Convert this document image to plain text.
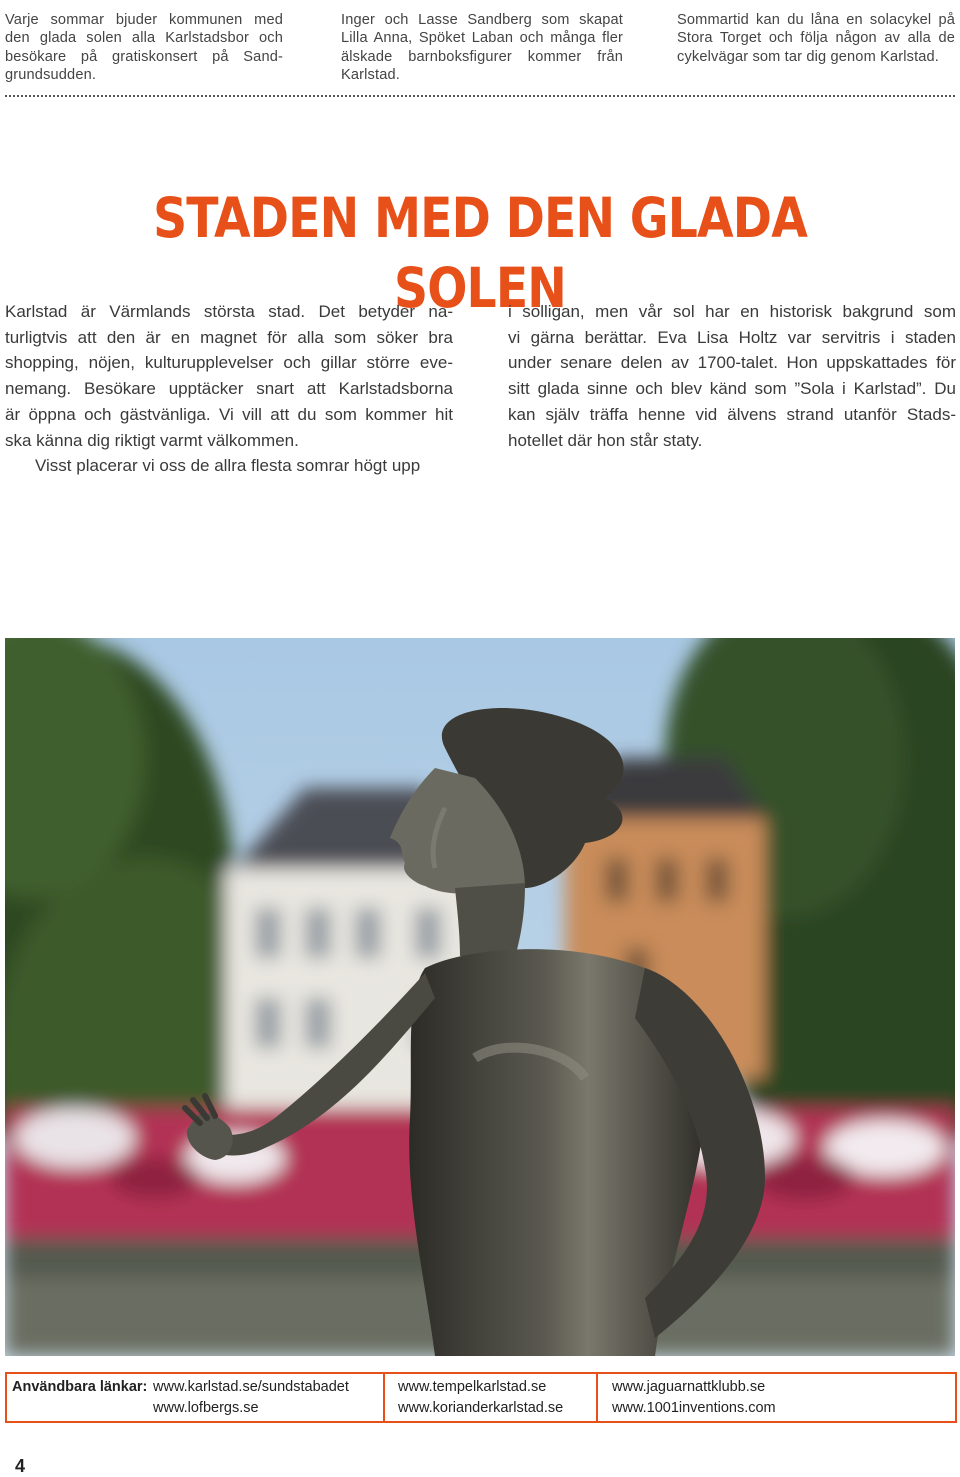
Varje sommar bjuder kommunen med
den glada solen alla Karlstadsbor och
besökare på gratiskonsert på Sand-
grundsudden.
Inger och Lasse Sandberg som skapat
Lilla Anna, Spöket Laban och många fler
älskade barnboksfigurer kommer från
Karlstad.
Sommartid kan du låna en solacykel på
Stora Torget och följa någon av alla de
cykelvägar som tar dig genom Karlstad.
STADEN MED DEN GLADA SOLEN

Karlstad är Värmlands största stad. Det betyder na-
turligtvis att den är en magnet för alla som söker bra
shopping, nöjen, kulturupplevelser och gillar större eve-
nemang. Besökare upptäcker snart att Karlstadsborna
är öppna och gästvänliga. Vi vill att du som kommer hit
ska känna dig riktigt varmt välkommen.

Visst placerar vi oss de allra flesta somrar högt upp

i solligan, men vår sol har en historisk bakgrund som
vi gärna berättar. Eva Lisa Holtz var servitris i staden
under senare delen av 1700-talet. Hon uppskattades för
sitt glada sinne och blev känd som ”Sola i Karlstad”. Du
kan själv träffa henne vid älvens strand utanför Stads-
hotellet där hon står staty.

Användbara länkar: www.karlstad.se/sundstabadet
www.lofbergs.se
www.tempelkarlstad.se
www.korianderkarlstad.se
www.jaguarnattklubb.se
www.1001inventions.com
4
